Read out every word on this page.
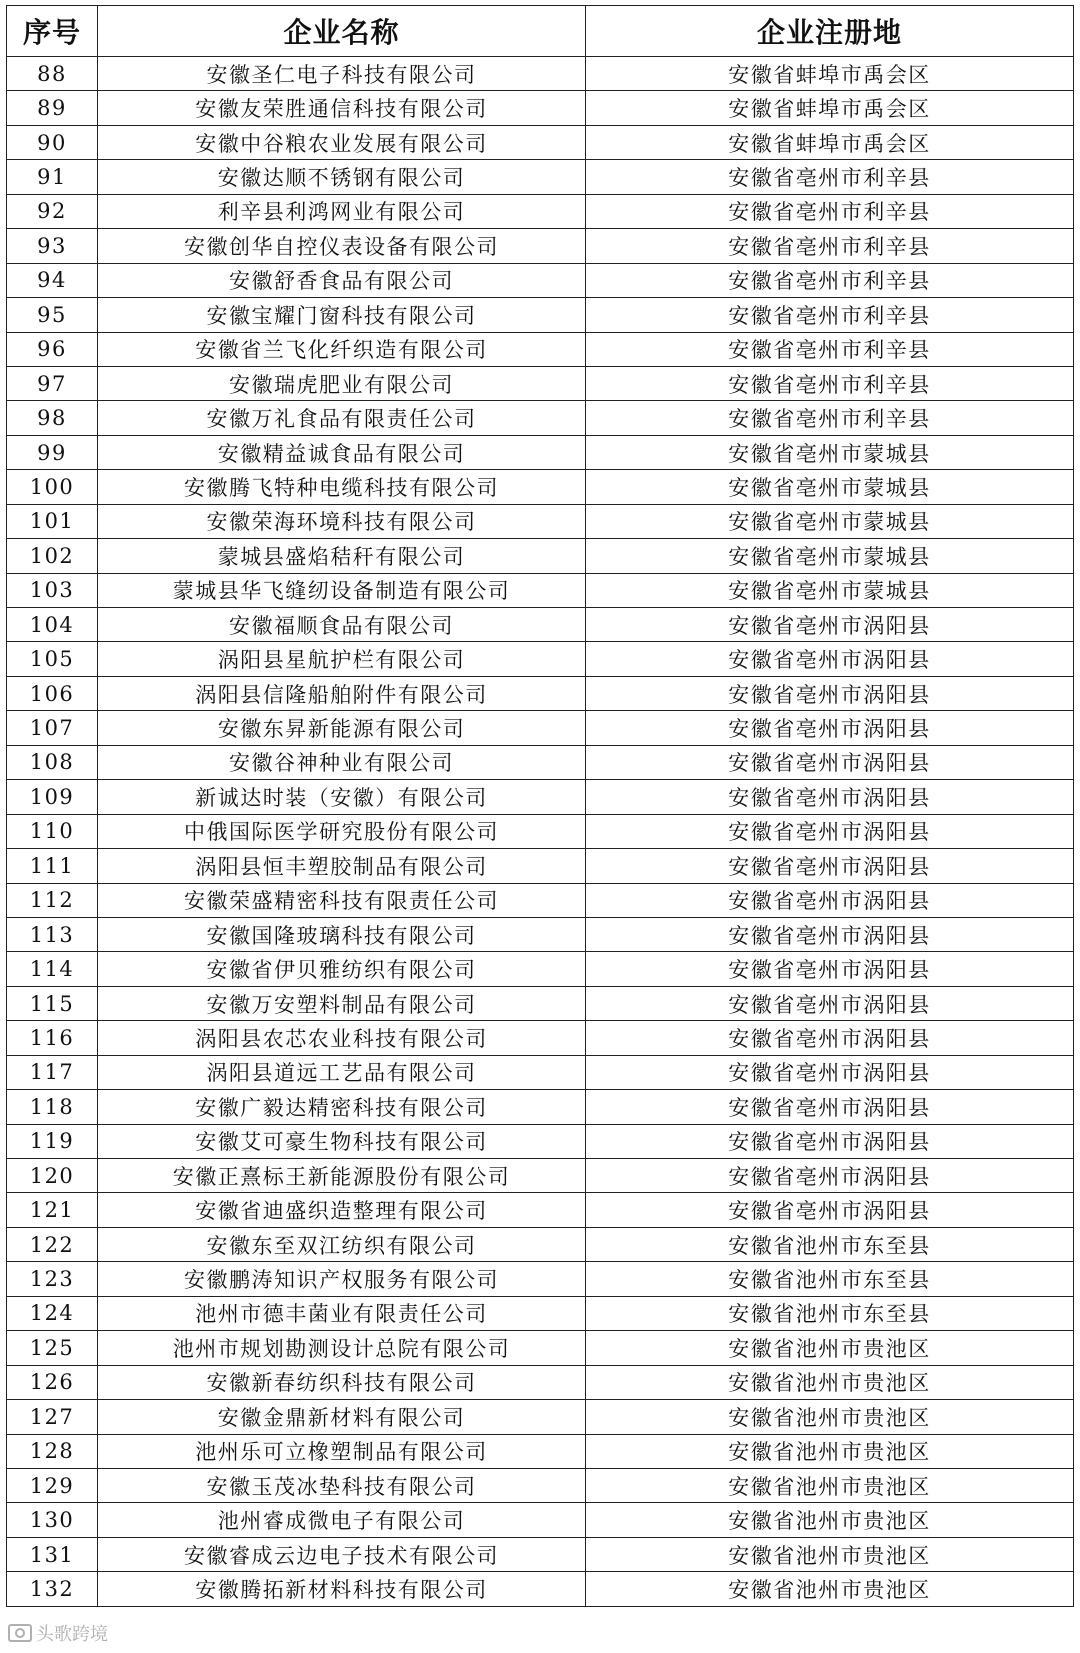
序号	企业名称	企业注册地
88	安徽圣仁电子科技有限公司	安徽省蚌埠市禹会区
89	安徽友荣胜通信科技有限公司	安徽省蚌埠市禹会区
90	安徽中谷粮农业发展有限公司	安徽省蚌埠市禹会区
91	安徽达顺不锈钢有限公司	安徽省亳州市利辛县
92	利辛县利鸿网业有限公司	安徽省亳州市利辛县
93	安徽创华自控仪表设备有限公司	安徽省亳州市利辛县
94	安徽舒香食品有限公司	安徽省亳州市利辛县
95	安徽宝耀门窗科技有限公司	安徽省亳州市利辛县
96	安徽省兰飞化纤织造有限公司	安徽省亳州市利辛县
97	安徽瑞虎肥业有限公司	安徽省亳州市利辛县
98	安徽万礼食品有限责任公司	安徽省亳州市利辛县
99	安徽精益诚食品有限公司	安徽省亳州市蒙城县
100	安徽腾飞特种电缆科技有限公司	安徽省亳州市蒙城县
101	安徽荣海环境科技有限公司	安徽省亳州市蒙城县
102	蒙城县盛焰秸秆有限公司	安徽省亳州市蒙城县
103	蒙城县华飞缝纫设备制造有限公司	安徽省亳州市蒙城县
104	安徽福顺食品有限公司	安徽省亳州市涡阳县
105	涡阳县星航护栏有限公司	安徽省亳州市涡阳县
106	涡阳县信隆船舶附件有限公司	安徽省亳州市涡阳县
107	安徽东昇新能源有限公司	安徽省亳州市涡阳县
108	安徽谷神种业有限公司	安徽省亳州市涡阳县
109	新诚达时装（安徽）有限公司	安徽省亳州市涡阳县
110	中俄国际医学研究股份有限公司	安徽省亳州市涡阳县
111	涡阳县恒丰塑胶制品有限公司	安徽省亳州市涡阳县
112	安徽荣盛精密科技有限责任公司	安徽省亳州市涡阳县
113	安徽国隆玻璃科技有限公司	安徽省亳州市涡阳县
114	安徽省伊贝雅纺织有限公司	安徽省亳州市涡阳县
115	安徽万安塑料制品有限公司	安徽省亳州市涡阳县
116	涡阳县农芯农业科技有限公司	安徽省亳州市涡阳县
117	涡阳县道远工艺品有限公司	安徽省亳州市涡阳县
118	安徽广毅达精密科技有限公司	安徽省亳州市涡阳县
119	安徽艾可豪生物科技有限公司	安徽省亳州市涡阳县
120	安徽正熹标王新能源股份有限公司	安徽省亳州市涡阳县
121	安徽省迪盛织造整理有限公司	安徽省亳州市涡阳县
122	安徽东至双江纺织有限公司	安徽省池州市东至县
123	安徽鹏涛知识产权服务有限公司	安徽省池州市东至县
124	池州市德丰菌业有限责任公司	安徽省池州市东至县
125	池州市规划勘测设计总院有限公司	安徽省池州市贵池区
126	安徽新春纺织科技有限公司	安徽省池州市贵池区
127	安徽金鼎新材料有限公司	安徽省池州市贵池区
128	池州乐可立橡塑制品有限公司	安徽省池州市贵池区
129	安徽玉茂冰垫科技有限公司	安徽省池州市贵池区
130	池州睿成微电子有限公司	安徽省池州市贵池区
131	安徽睿成云边电子技术有限公司	安徽省池州市贵池区
132	安徽腾拓新材料科技有限公司	安徽省池州市贵池区
头歌跨境
